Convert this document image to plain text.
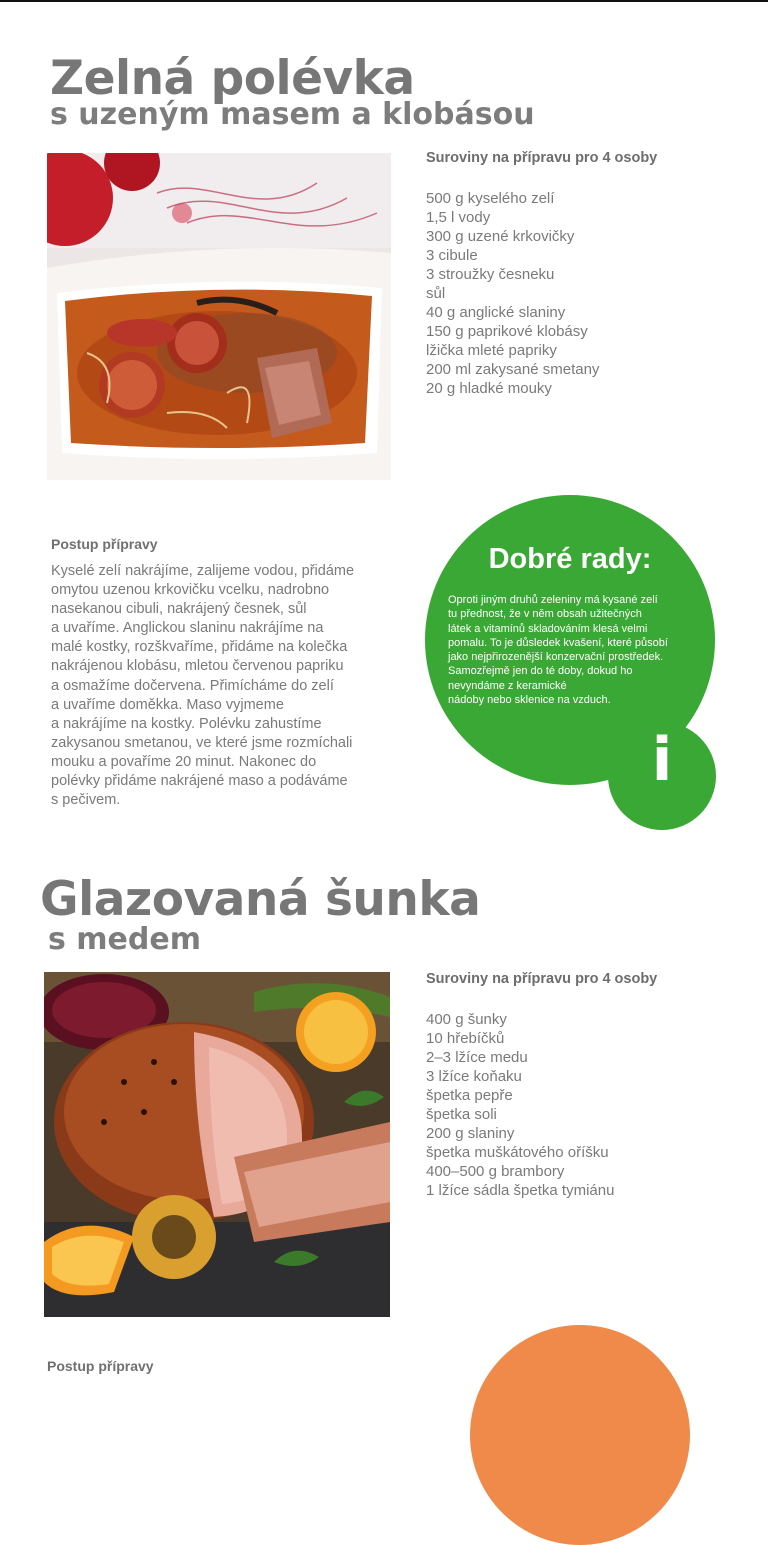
Zelná polévka
s uzeným masem a klobásou

Suroviny na přípravu pro 4 osoby

500 g kyselého zelí
1,5 l vody
300 g uzené krkovičky
3 cibule
3 stroužky česneku
sůl
40 g anglické slaniny
150 g paprikové klobásy
lžička mleté papriky
200 ml zakysané smetany
20 g hladké mouky

Postup přípravy

Kyselé zelí nakrájíme, zalijeme vodou, přidáme
omytou uzenou krkovičku vcelku, nadrobno
nasekanou cibuli, nakrájený česnek, sůl
a uvaříme. Anglickou slaninu nakrájíme na
malé kostky, rozškvaříme, přidáme na kolečka
nakrájenou klobásu, mletou červenou papriku
a osmažíme dočervena. Přimícháme do zelí
a uvaříme doměkka. Maso vyjmeme
a nakrájíme na kostky. Polévku zahustíme
zakysanou smetanou, ve které jsme rozmíchali
mouku a povaříme 20 minut. Nakonec do
polévky přidáme nakrájené maso a podáváme
s pečivem.

Dobré rady:

Oproti jiným druhů zeleniny má kysané zelí
tu přednost, že v něm obsah užitečných
látek a vitamínů skladováním klesá velmi
pomalu. To je důsledek kvašení, které působí
jako nejpřirozenější konzervační prostředek.
Samozřejmě jen do té doby, dokud ho
nevyndáme z keramické
nádoby nebo sklenice na vzduch.

i
Glazovaná šunka
s medem

Suroviny na přípravu pro 4 osoby

400 g šunky
10 hřebíčků
2–3 lžíce medu
3 lžíce koňaku
špetka pepře
špetka soli
200 g slaniny
špetka muškátového oříšku
400–500 g brambory
1 lžíce sádla špetka tymiánu

Postup přípravy
